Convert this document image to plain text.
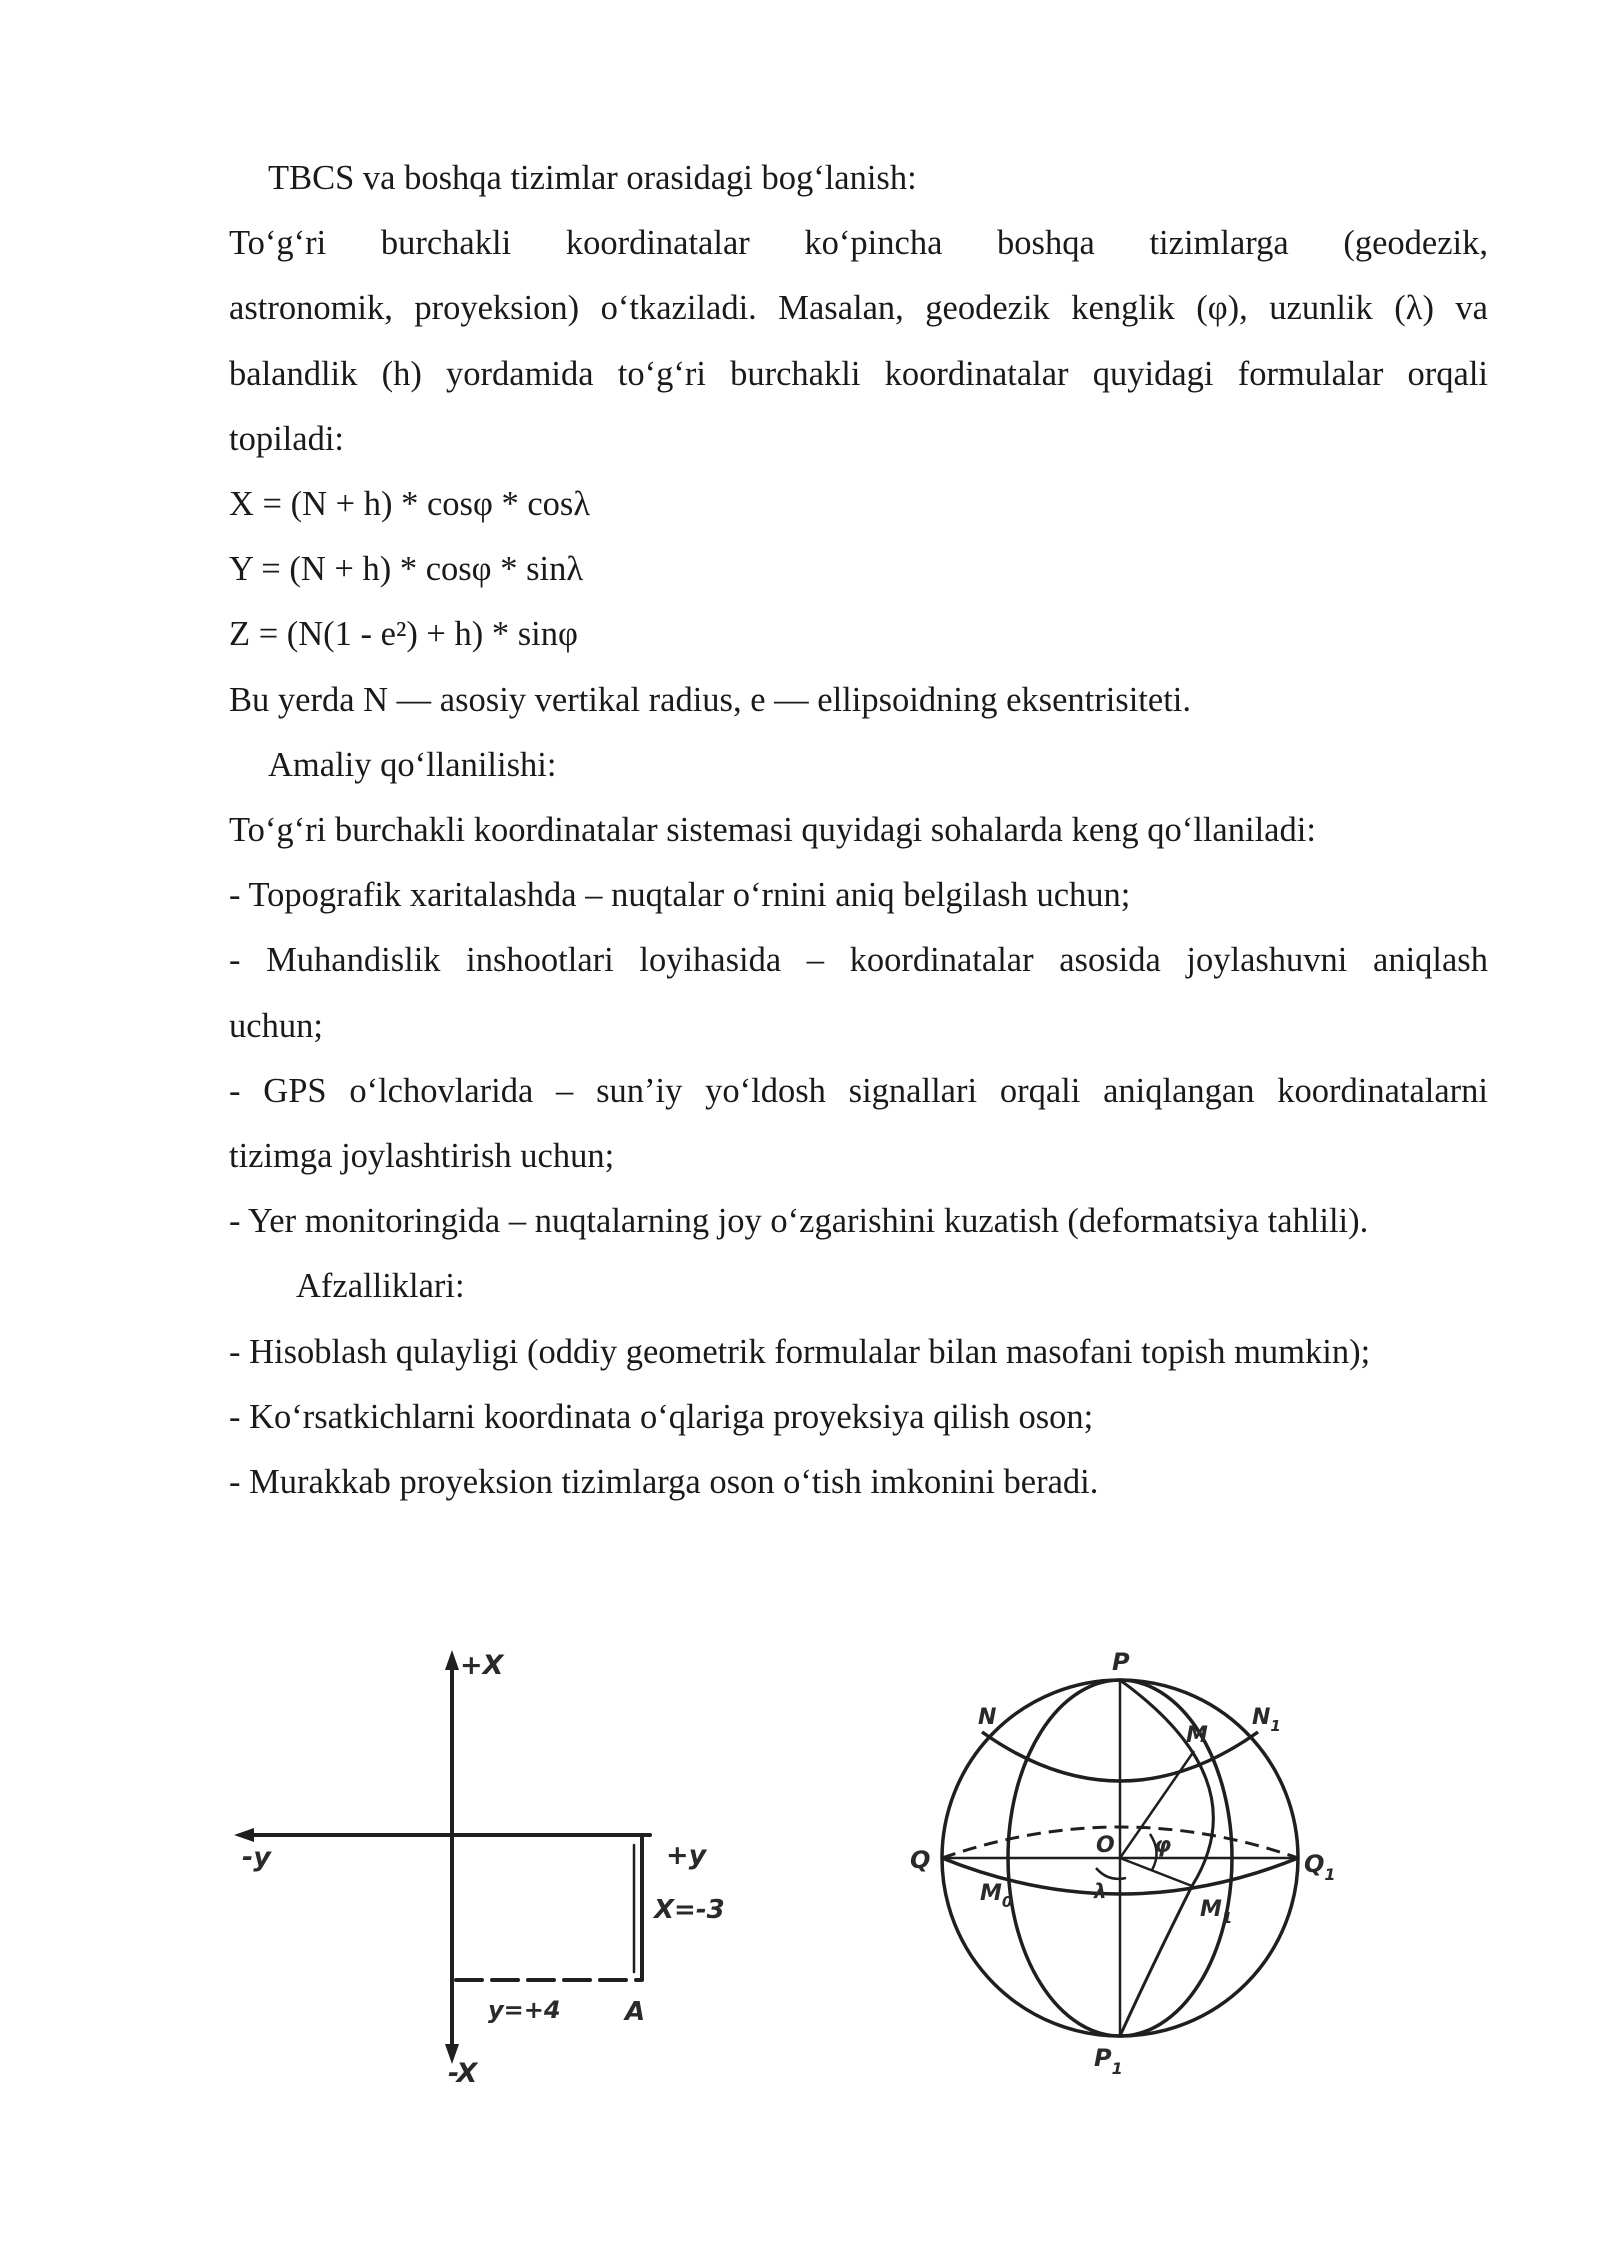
TBCS va boshqa tizimlar orasidagi bog‘lanish:
To‘g‘ri burchakli koordinatalar ko‘pincha boshqa tizimlarga (geodezik,
astronomik, proyeksion) o‘tkaziladi. Masalan, geodezik kenglik (φ), uzunlik (λ) va
balandlik (h) yordamida to‘g‘ri burchakli koordinatalar quyidagi formulalar orqali
topiladi:
X = (N + h) * cosφ * cosλ
Y = (N + h) * cosφ * sinλ
Z = (N(1 - e²) + h) * sinφ
Bu yerda N — asosiy vertikal radius, e — ellipsoidning eksentrisiteti.
Amaliy qo‘llanilishi:
To‘g‘ri burchakli koordinatalar sistemasi quyidagi sohalarda keng qo‘llaniladi:
- Topografik xaritalashda – nuqtalar o‘rnini aniq belgilash uchun;
- Muhandislik inshootlari loyihasida – koordinatalar asosida joylashuvni aniqlash
uchun;
- GPS o‘lchovlarida – sun’iy yo‘ldosh signallari orqali aniqlangan koordinatalarni
tizimga joylashtirish uchun;
- Yer monitoringida – nuqtalarning joy o‘zgarishini kuzatish (deformatsiya tahlili).
Afzalliklari:
- Hisoblash qulayligi (oddiy geometrik formulalar bilan masofani topish mumkin);
- Ko‘rsatkichlarni koordinata o‘qlariga proyeksiya qilish oson;
- Murakkab proyeksion tizimlarga oson o‘tish imkonini beradi.
+X
-X
-y	+y
X=-3
y=+4 A
P
$P_1$
Q	$Q_1$
N	$N_1$
M
$M_0$	$M_1$
O φ
λ
